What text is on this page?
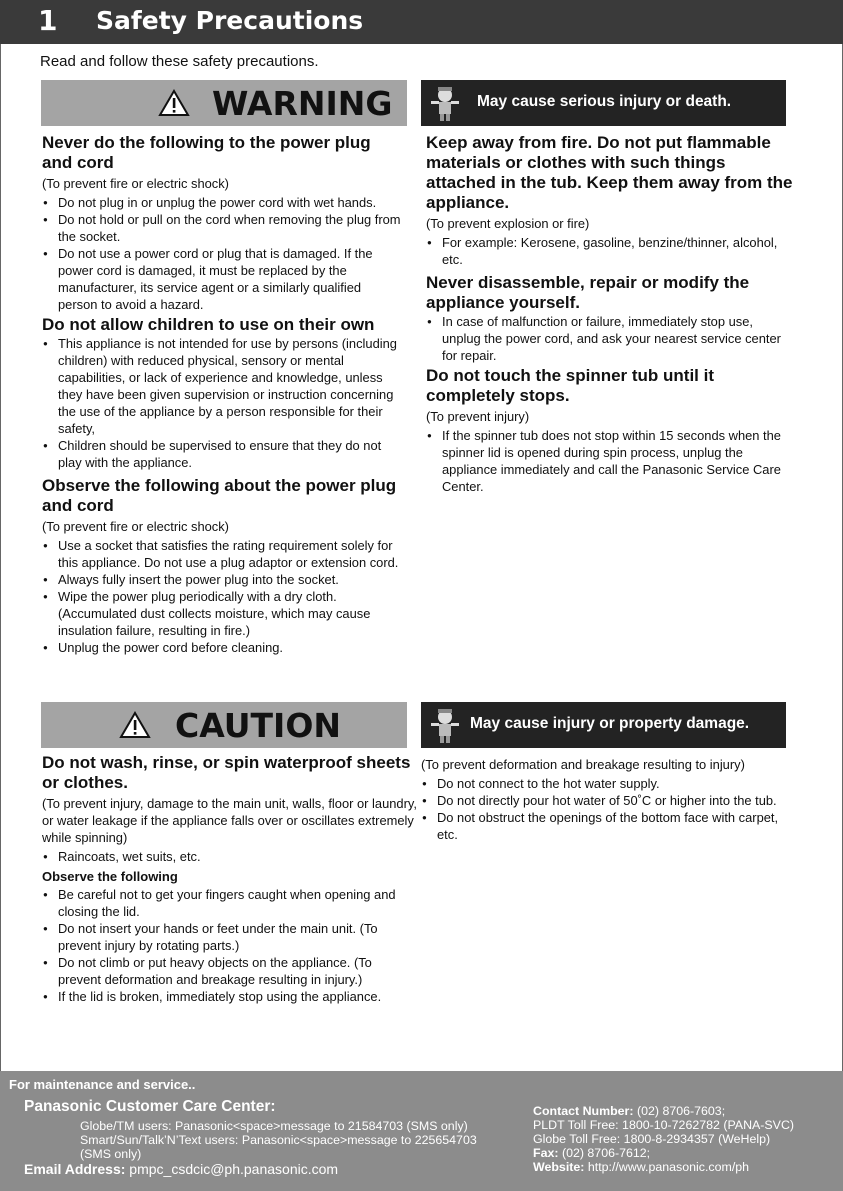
1 Safety Precautions
Read and follow these safety precautions.
WARNING	May cause serious injury or death.
Never do the following to the power plug and cord

(To prevent fire or electric shock)

● Do not plug in or unplug the power cord with wet hands.
● Do not hold or pull on the cord when removing the plug from the socket.
● Do not use a power cord or plug that is damaged. If the power cord is damaged, it must be replaced by the manufacturer, its service agent or a similarly qualified person to avoid a hazard.
Do not allow children to use on their own
● This appliance is not intended for use by persons (including children) with reduced physical, sensory or mental capabilities, or lack of experience and knowledge, unless they have been given supervision or instruction concerning the use of the appliance by a person responsible for their safety,
● Children should be supervised to ensure that they do not play with the appliance.
Observe the following about the power plug and cord

(To prevent fire or electric shock)

● Use a socket that satisfies the rating requirement solely for this appliance. Do not use a plug adaptor or extension cord.
● Always fully insert the power plug into the socket.
● Wipe the power plug periodically with a dry cloth. (Accumulated dust collects moisture, which may cause insulation failure, resulting in fire.)
● Unplug the power cord before cleaning.
Keep away from fire. Do not put flammable materials or clothes with such things attached in the tub. Keep them away from the appliance.

(To prevent explosion or fire)

● For example: Kerosene, gasoline, benzine/thinner, alcohol, etc.
Never disassemble, repair or modify the appliance yourself.
● In case of malfunction or failure, immediately stop use, unplug the power cord, and ask your nearest service center for repair.
Do not touch the spinner tub until it completely stops.

(To prevent injury)

● If the spinner tub does not stop within 15 seconds when the spinner lid is opened during spin process, unplug the appliance immediately and call the Panasonic Service Care Center.
CAUTION	May cause injury or property damage.
Do not wash, rinse, or spin waterproof sheets or clothes.

(To prevent injury, damage to the main unit, walls, floor or laundry, or water leakage if the appliance falls over or oscillates extremely while spinning)

● Raincoats, wet suits, etc.
Observe the following
● Be careful not to get your fingers caught when opening and closing the lid.
● Do not insert your hands or feet under the main unit. (To prevent injury by rotating parts.)
● Do not climb or put heavy objects on the appliance. (To prevent deformation and breakage resulting in injury.)
● If the lid is broken, immediately stop using the appliance.

(To prevent deformation and breakage resulting to injury)

● Do not connect to the hot water supply.
● Do not directly pour hot water of 50˚C or higher into the tub.
● Do not obstruct the openings of the bottom face with carpet, etc.
For maintenance and service..
Panasonic Customer Care Center:
Globe/TM users: Panasonic<space>message to 21584703 (SMS only)
Smart/Sun/Talk’N’Text users: Panasonic<space>message to 225654703
(SMS only)
Email Address: pmpc_csdcic@ph.panasonic.com
Contact Number: (02) 8706-7603;
PLDT Toll Free: 1800-10-7262782 (PANA-SVC)
Globe Toll Free: 1800-8-2934357 (WeHelp)
Fax: (02) 8706-7612;
Website: http://www.panasonic.com/ph
